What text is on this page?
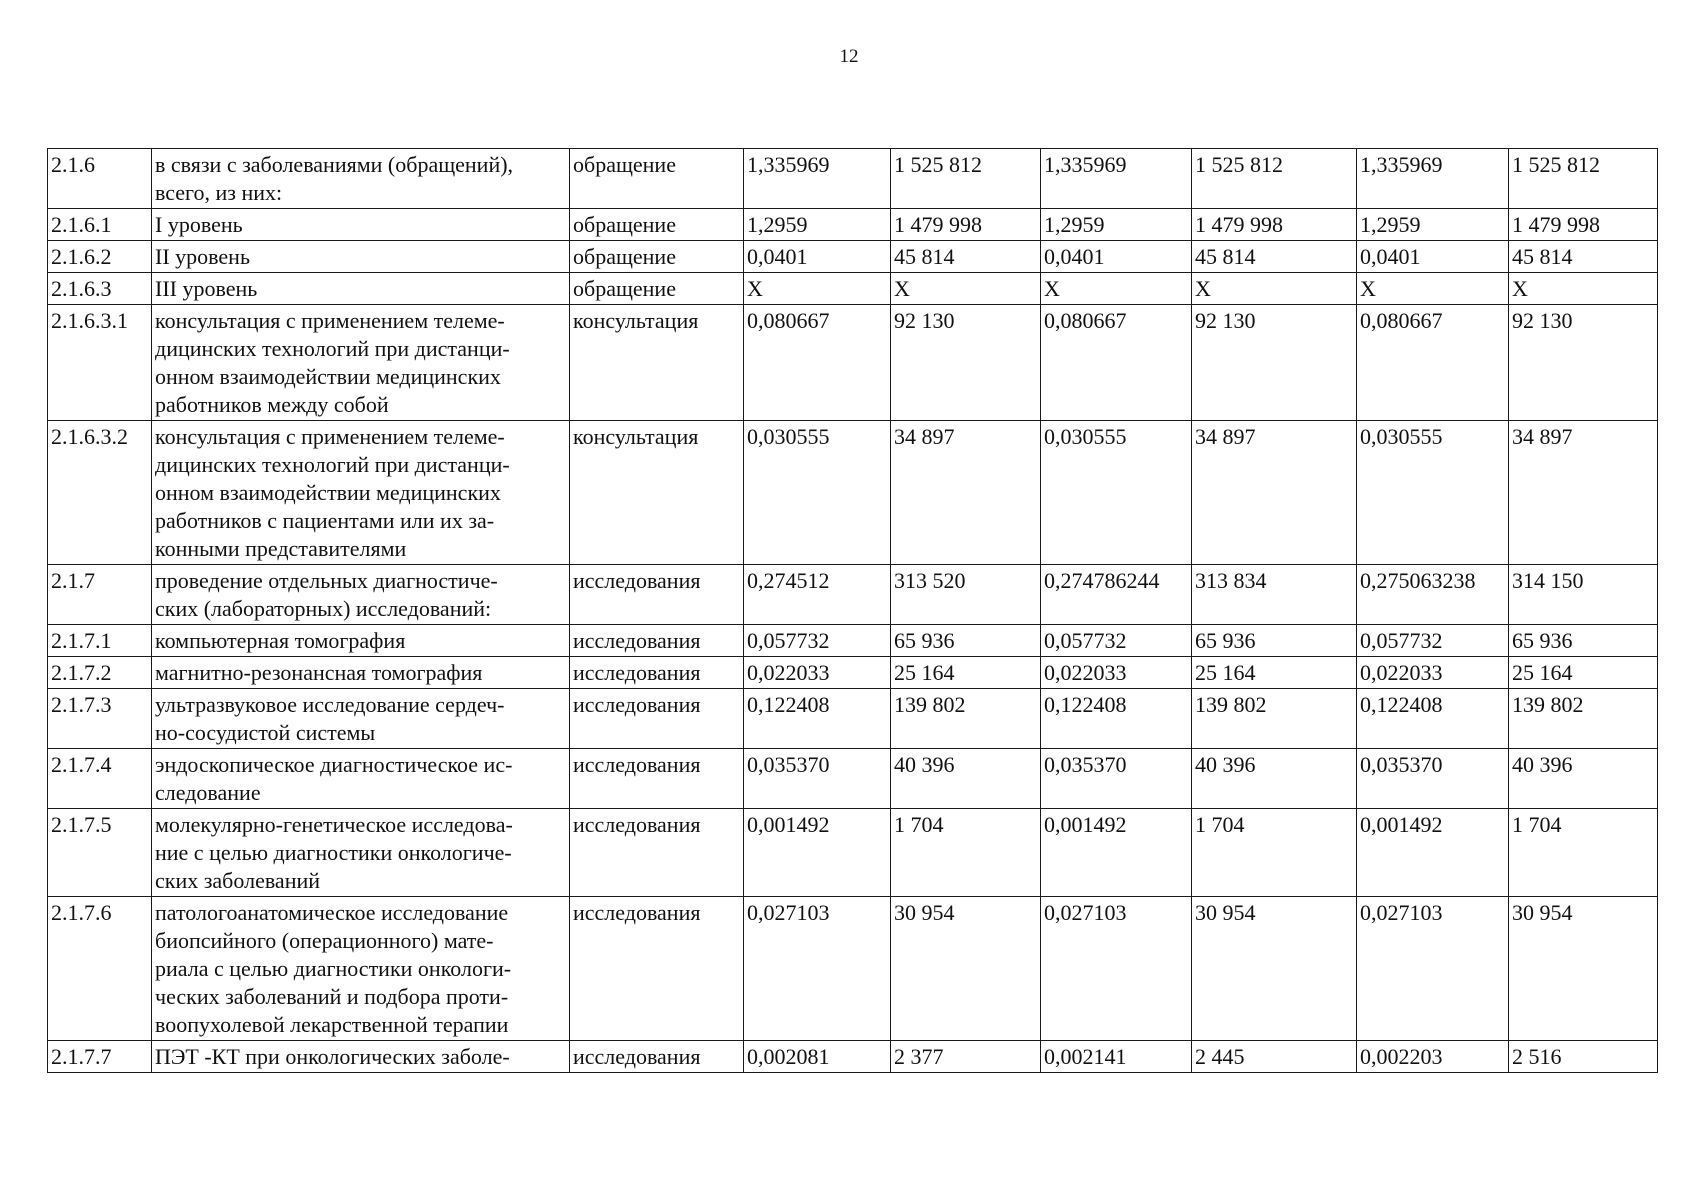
12
2.1.6	в связи с заболеваниями (обращений),
всего, из них:	обращение	1,335969	1 525 812	1,335969	1 525 812	1,335969	1 525 812
2.1.6.1	I уровень	обращение	1,2959	1 479 998	1,2959	1 479 998	1,2959	1 479 998
2.1.6.2	II уровень	обращение	0,0401	45 814	0,0401	45 814	0,0401	45 814
2.1.6.3	III уровень	обращение	X	X	X	X	X	X
2.1.6.3.1	консультация с применением телеме-
дицинских технологий при дистанци-
онном взаимодействии медицинских
работников между собой	консультация	0,080667	92 130	0,080667	92 130	0,080667	92 130
2.1.6.3.2	консультация с применением телеме-
дицинских технологий при дистанци-
онном взаимодействии медицинских
работников с пациентами или их за-
конными представителями	консультация	0,030555	34 897	0,030555	34 897	0,030555	34 897
2.1.7	проведение отдельных диагностиче-
ских (лабораторных) исследований:	исследования	0,274512	313 520	0,274786244	313 834	0,275063238	314 150
2.1.7.1	компьютерная томография	исследования	0,057732	65 936	0,057732	65 936	0,057732	65 936
2.1.7.2	магнитно-резонансная томография	исследования	0,022033	25 164	0,022033	25 164	0,022033	25 164
2.1.7.3	ультразвуковое исследование сердеч-
но-сосудистой системы	исследования	0,122408	139 802	0,122408	139 802	0,122408	139 802
2.1.7.4	эндоскопическое диагностическое ис-
следование	исследования	0,035370	40 396	0,035370	40 396	0,035370	40 396
2.1.7.5	молекулярно-генетическое исследова-
ние с целью диагностики онкологиче-
ских заболеваний	исследования	0,001492	1 704	0,001492	1 704	0,001492	1 704
2.1.7.6	патологоанатомическое исследование
биопсийного (операционного) мате-
риала с целью диагностики онкологи-
ческих заболеваний и подбора проти-
воопухолевой лекарственной терапии	исследования	0,027103	30 954	0,027103	30 954	0,027103	30 954
2.1.7.7	ПЭТ -КТ при онкологических заболе-	исследования	0,002081	2 377	0,002141	2 445	0,002203	2 516
